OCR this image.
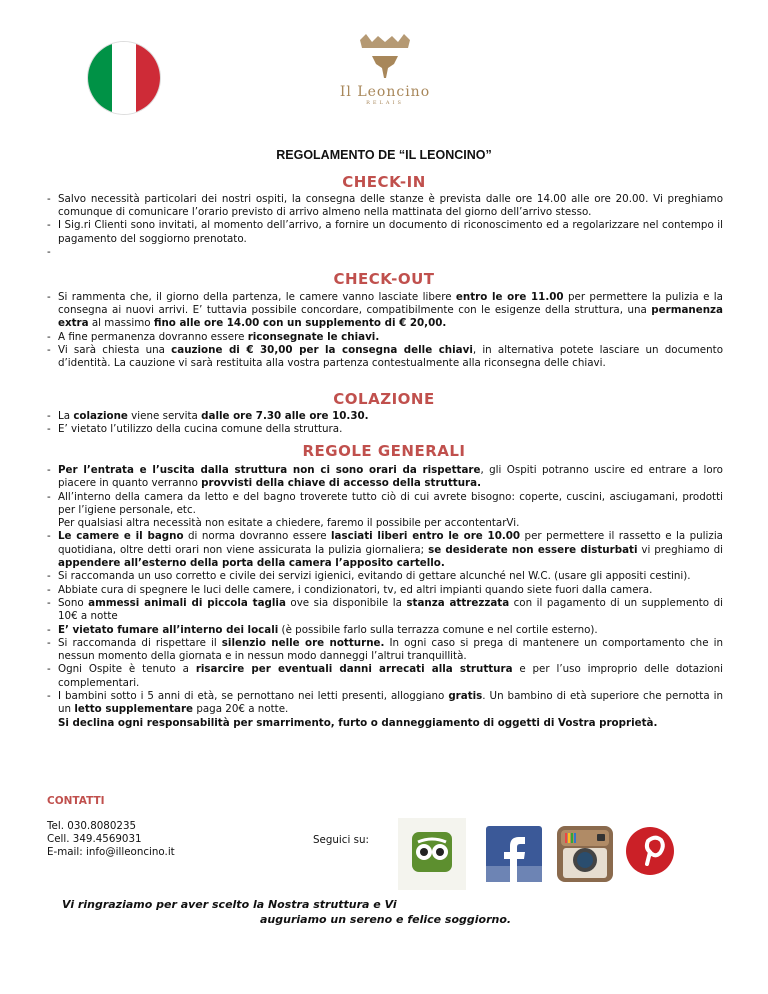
Il Leoncino
RELAIS
REGOLAMENTO DE “IL LEONCINO”
CHECK-IN
- Salvo necessità particolari dei nostri ospiti, la consegna delle stanze è prevista dalle ore 14.00 alle ore 20.00. Vi preghiamo comunque di comunicare l’orario previsto di arrivo almeno nella mattinata del giorno dell’arrivo stesso.
- I Sig.ri Clienti sono invitati, al momento dell’arrivo, a fornire un documento di riconoscimento ed a regolarizzare nel contempo il pagamento del soggiorno prenotato.
-
CHECK-OUT
- Si rammenta che, il giorno della partenza, le camere vanno lasciate libere entro le ore 11.00 per permettere la pulizia e la consegna ai nuovi arrivi. E’ tuttavia possibile concordare, compatibilmente con le esigenze della struttura, una permanenza extra al massimo fino alle ore 14.00 con un supplemento di € 20,00.
- A fine permanenza dovranno essere riconsegnate le chiavi.
- Vi sarà chiesta una cauzione di € 30,00 per la consegna delle chiavi, in alternativa potete lasciare un documento d’identità. La cauzione vi sarà restituita alla vostra partenza contestualmente alla riconsegna delle chiavi.
COLAZIONE
- La colazione viene servita dalle ore 7.30 alle ore 10.30.
- E’ vietato l’utilizzo della cucina comune della struttura.
REGOLE GENERALI
- Per l’entrata e l’uscita dalla struttura non ci sono orari da rispettare, gli Ospiti potranno uscire ed entrare a loro piacere in quanto verranno provvisti della chiave di accesso della struttura.
- All’interno della camera da letto e del bagno troverete tutto ciò di cui avrete bisogno: coperte, cuscini, asciugamani, prodotti per l’igiene personale, etc.
Per qualsiasi altra necessità non esitate a chiedere, faremo il possibile per accontentarVi.
- Le camere e il bagno di norma dovranno essere lasciati liberi entro le ore 10.00 per permettere il rassetto e la pulizia quotidiana, oltre detti orari non viene assicurata la pulizia giornaliera; se desiderate non essere disturbati vi preghiamo di appendere all’esterno della porta della camera l’apposito cartello.
- Si raccomanda un uso corretto e civile dei servizi igienici, evitando di gettare alcunché nel W.C. (usare gli appositi cestini).
- Abbiate cura di spegnere le luci delle camere, i condizionatori, tv, ed altri impianti quando siete fuori dalla camera.
- Sono ammessi animali di piccola taglia ove sia disponibile la stanza attrezzata con il pagamento di un supplemento di 10€ a notte
- E’ vietato fumare all’interno dei locali (è possibile farlo sulla terrazza comune e nel cortile esterno).
- Si raccomanda di rispettare il silenzio nelle ore notturne. In ogni caso si prega di mantenere un comportamento che in nessun momento della giornata e in nessun modo danneggi l’altrui tranquillità.
- Ogni Ospite è tenuto a risarcire per eventuali danni arrecati alla struttura e per l’uso improprio delle dotazioni complementari.
- I bambini sotto i 5 anni di età, se pernottano nei letti presenti, alloggiano gratis. Un bambino di età superiore che pernotta in un letto supplementare paga 20€ a notte.
Si declina ogni responsabilità per smarrimento, furto o danneggiamento di oggetti di Vostra proprietà.
CONTATTI
Tel. 030.8080235
Cell. 349.4569031
E-mail: info@illeoncino.it
Seguici su:
Vi ringraziamo per aver scelto la Nostra struttura e Vi
auguriamo un sereno e felice soggiorno.
